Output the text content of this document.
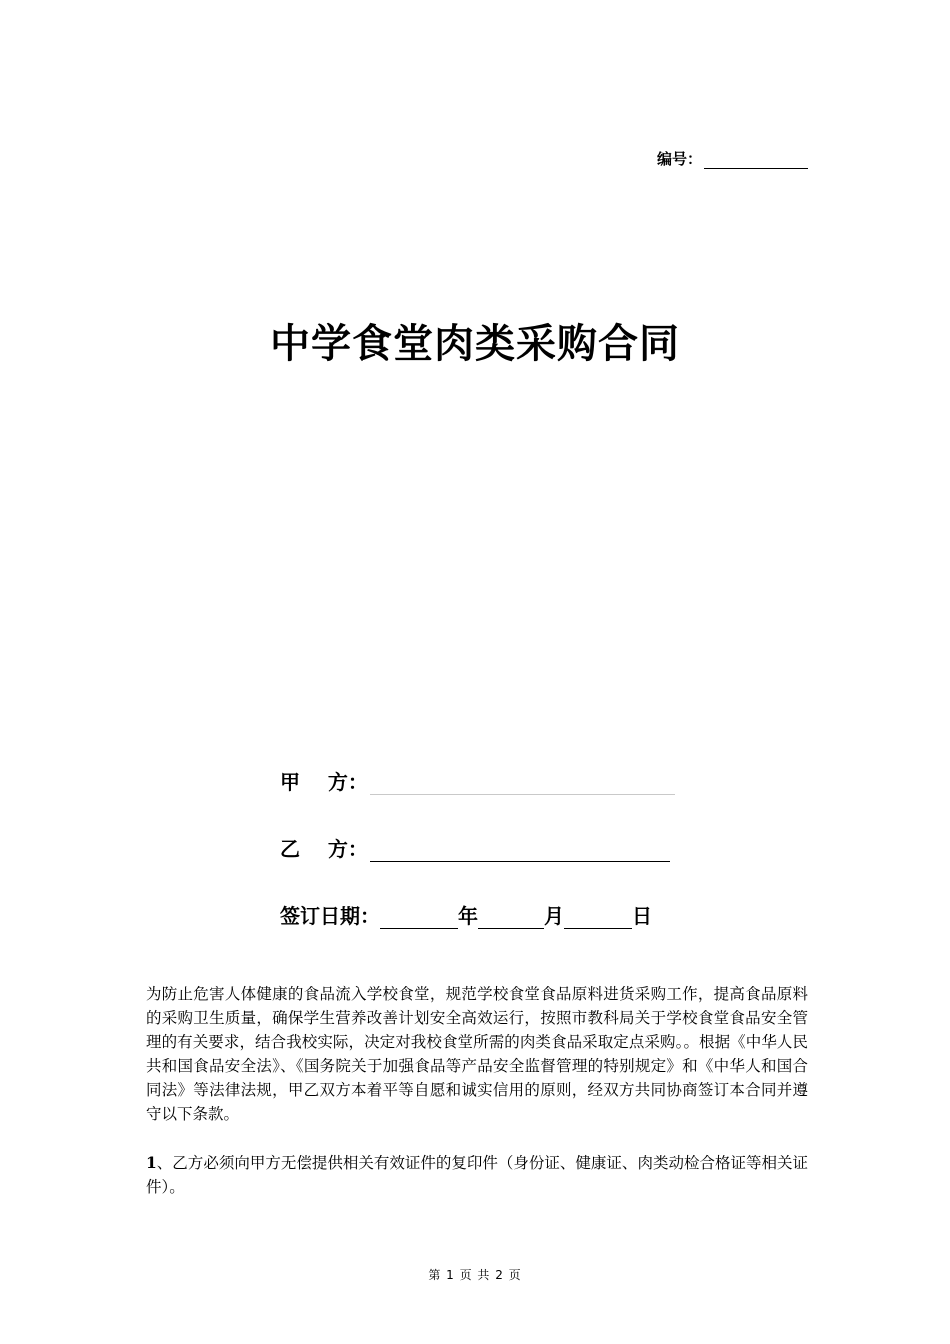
编号：
中学食堂肉类采购合同
甲    方：
乙    方：
签订日期：	年	月	日

为防止危害人体健康的食品流入学校食堂，规范学校食堂食品原料进货采购工作，提高食品原料的采购卫生质量，确保学生营养改善计划安全高效运行，按照市教科局关于学校食堂食品安全管理的有关要求，结合我校实际，决定对我校食堂所需的肉类食品采取定点采购。。根据《中华人民共和国食品安全法》、《国务院关于加强食品等产品安全监督管理的特别规定》和《中华人和国合同法》等法律法规，甲乙双方本着平等自愿和诚实信用的原则，经双方共同协商签订本合同并遵守以下条款。

1、乙方必须向甲方无偿提供相关有效证件的复印件（身份证、健康证、肉类动检合格证等相关证件）。

第 1 页 共 2 页
